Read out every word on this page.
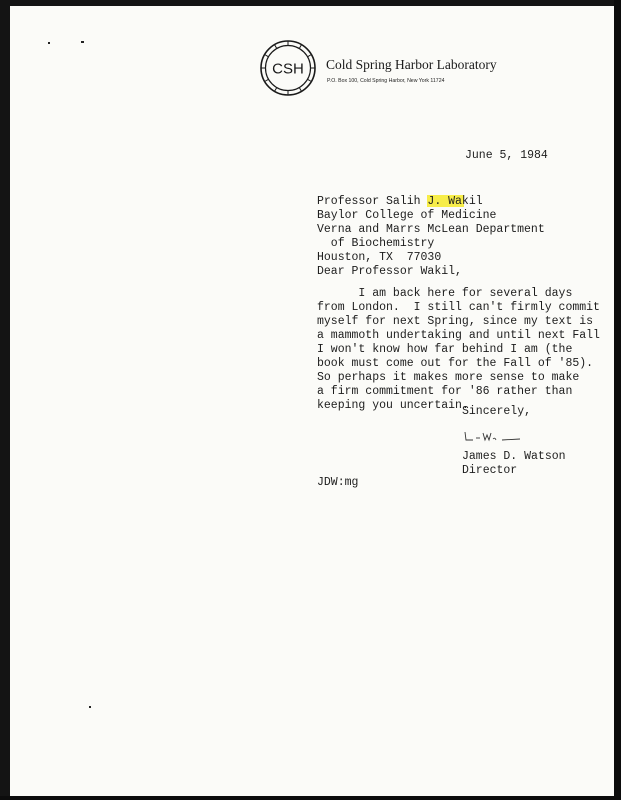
CSH Cold Spring Harbor Laboratory
P.O. Box 100, Cold Spring Harbor, New York 11724
June 5, 1984
Professor Salih J. Wakil
Baylor College of Medicine
Verna and Marrs McLean Department
of Biochemistry
Houston, TX  77030
Dear Professor Wakil,
I am back here for several days
from London.  I still can't firmly commit
myself for next Spring, since my text is
a mammoth undertaking and until next Fall
I won't know how far behind I am (the
book must come out for the Fall of '85).
So perhaps it makes more sense to make
a firm commitment for '86 rather than
keeping you uncertain.
Sincerely,
James D. Watson
Director
JDW:mg
